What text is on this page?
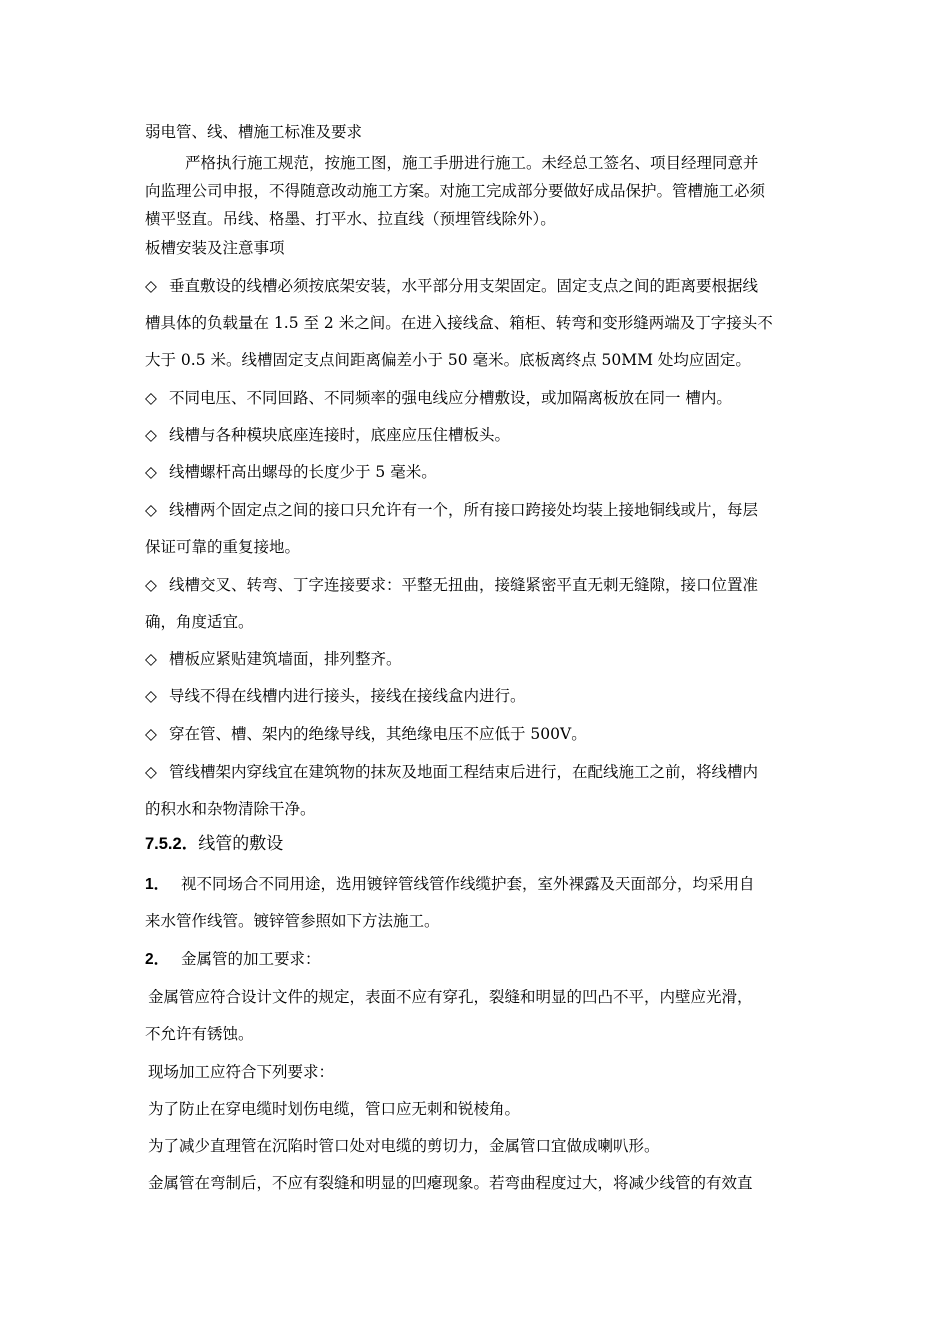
弱电管、线、槽施工标准及要求
严格执行施工规范，按施工图，施工手册进行施工。未经总工签名、项目经理同意并
向监理公司申报，不得随意改动施工方案。对施工完成部分要做好成品保护。管槽施工必须
横平竖直。吊线、格墨、打平水、拉直线（预埋管线除外）。
板槽安装及注意事项
◇ 垂直敷设的线槽必须按底架安装，水平部分用支架固定。固定支点之间的距离要根据线
槽具体的负载量在 1.5 至 2 米之间。在进入接线盒、箱柜、转弯和变形缝两端及丁字接头不
大于 0.5 米。线槽固定支点间距离偏差小于 50 毫米。底板离终点 50MM 处均应固定。
◇ 不同电压、不同回路、不同频率的强电线应分槽敷设，或加隔离板放在同一 槽内。
◇ 线槽与各种模块底座连接时，底座应压住槽板头。
◇ 线槽螺杆高出螺母的长度少于 5 毫米。
◇ 线槽两个固定点之间的接口只允许有一个，所有接口跨接处均装上接地铜线或片，每层
保证可靠的重复接地。
◇ 线槽交叉、转弯、丁字连接要求：平整无扭曲，接缝紧密平直无刺无缝隙，接口位置准
确，角度适宜。
◇ 槽板应紧贴建筑墙面，排列整齐。
◇ 导线不得在线槽内进行接头，接线在接线盒内进行。
◇ 穿在管、槽、架内的绝缘导线，其绝缘电压不应低于 500V。
◇ 管线槽架内穿线宜在建筑物的抹灰及地面工程结束后进行，在配线施工之前，将线槽内
的积水和杂物清除干净。
7.5.2．线管的敷设
1． 视不同场合不同用途，选用镀锌管线管作线缆护套，室外裸露及天面部分，均采用自
来水管作线管。镀锌管参照如下方法施工。
2． 金属管的加工要求：
金属管应符合设计文件的规定，表面不应有穿孔，裂缝和明显的凹凸不平，内壁应光滑，
不允许有锈蚀。
现场加工应符合下列要求：
为了防止在穿电缆时划伤电缆，管口应无刺和锐棱角。
为了减少直理管在沉陷时管口处对电缆的剪切力，金属管口宜做成喇叭形。
金属管在弯制后，不应有裂缝和明显的凹瘪现象。若弯曲程度过大，将减少线管的有效直
